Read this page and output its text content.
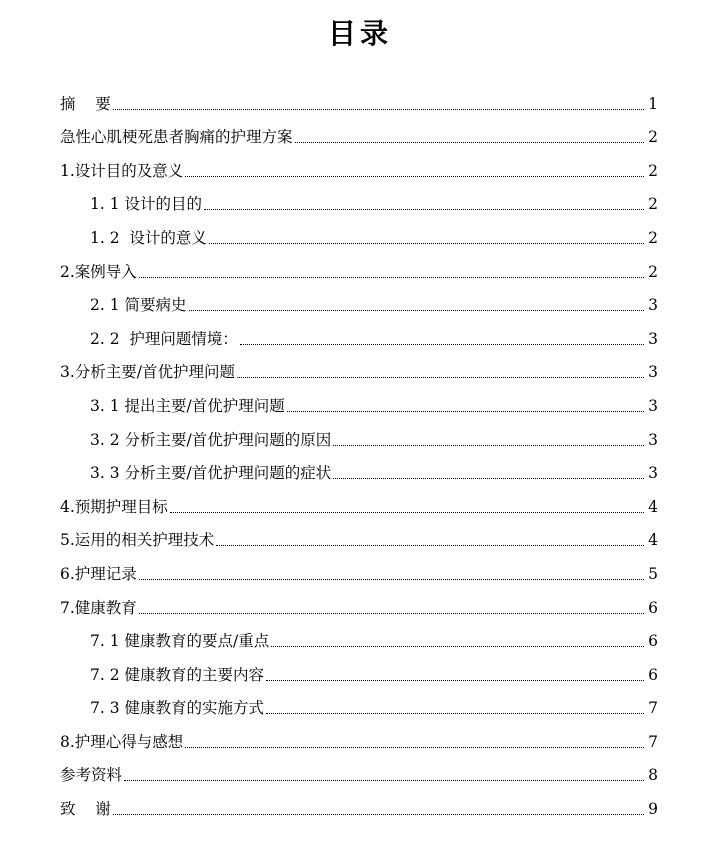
目录
摘    要	1
急性心肌梗死患者胸痛的护理方案	2
1.设计目的及意义	2
1. 1 设计的目的	2
1. 2  设计的意义	2
2.案例导入	2
2. 1 简要病史	3
2. 2  护理问题情境：	3
3.分析主要/首优护理问题	3
3. 1 提出主要/首优护理问题	3
3. 2 分析主要/首优护理问题的原因	3
3. 3 分析主要/首优护理问题的症状	3
4.预期护理目标	4
5.运用的相关护理技术	4
6.护理记录	5
7.健康教育	6
7. 1 健康教育的要点/重点	6
7. 2 健康教育的主要内容	6
7. 3 健康教育的实施方式	7
8.护理心得与感想	7
参考资料	8
致    谢	9
